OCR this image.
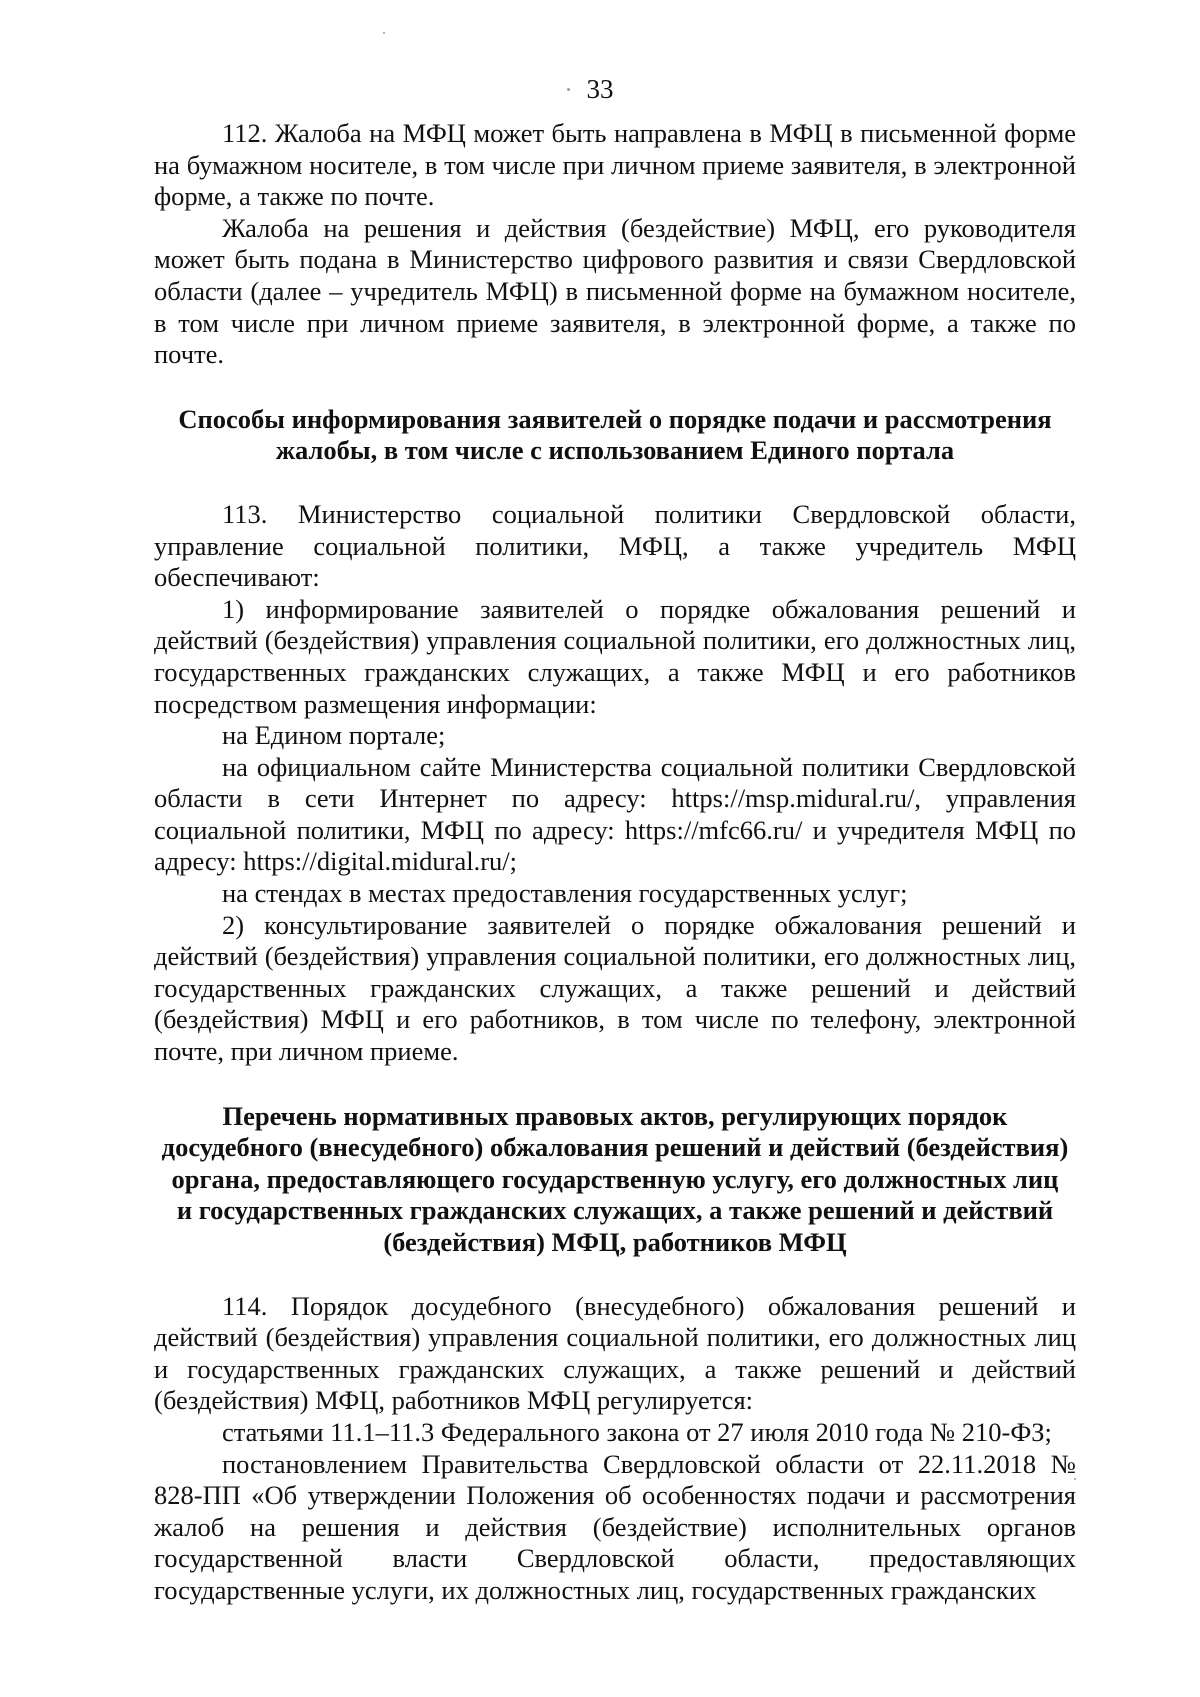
33

112. Жалоба на МФЦ может быть направлена в МФЦ в письменной форме на бумажном носителе, в том числе при личном приеме заявителя, в электронной форме, а также по почте.

Жалоба на решения и действия (бездействие) МФЦ, его руководителя может быть подана в Министерство цифрового развития и связи Свердловской области (далее – учредитель МФЦ) в письменной форме на бумажном носителе, в том числе при личном приеме заявителя, в электронной форме, а также по почте.

Способы информирования заявителей о порядке подачи и рассмотрения
жалобы, в том числе с использованием Единого портала

113. Министерство социальной политики Свердловской области, управление социальной политики, МФЦ, а также учредитель МФЦ обеспечивают:

1) информирование заявителей о порядке обжалования решений и действий (бездействия) управления социальной политики, его должностных лиц, государственных гражданских служащих, а также МФЦ и его работников посредством размещения информации:

на Едином портале;

на официальном сайте Министерства социальной политики Свердловской области в сети Интернет по адресу: https://msp.midural.ru/, управления социальной политики, МФЦ по адресу: https://mfc66.ru/ и учредителя МФЦ по адресу: https://digital.midural.ru/;

на стендах в местах предоставления государственных услуг;

2) консультирование заявителей о порядке обжалования решений и действий (бездействия) управления социальной политики, его должностных лиц, государственных гражданских служащих, а также решений и действий (бездействия) МФЦ и его работников, в том числе по телефону, электронной почте, при личном приеме.

Перечень нормативных правовых актов, регулирующих порядок
досудебного (внесудебного) обжалования решений и действий (бездействия)
органа, предоставляющего государственную услугу, его должностных лиц
и государственных гражданских служащих, а также решений и действий
(бездействия) МФЦ, работников МФЦ

114. Порядок досудебного (внесудебного) обжалования решений и действий (бездействия) управления социальной политики, его должностных лиц и государственных гражданских служащих, а также решений и действий (бездействия) МФЦ, работников МФЦ регулируется:

статьями 11.1–11.3 Федерального закона от 27 июля 2010 года № 210-ФЗ;

постановлением Правительства Свердловской области от 22.11.2018 № 828-ПП «Об утверждении Положения об особенностях подачи и рассмотрения жалоб на решения и действия (бездействие) исполнительных органов государственной власти Свердловской области, предоставляющих государственные услуги, их должностных лиц, государственных гражданских
